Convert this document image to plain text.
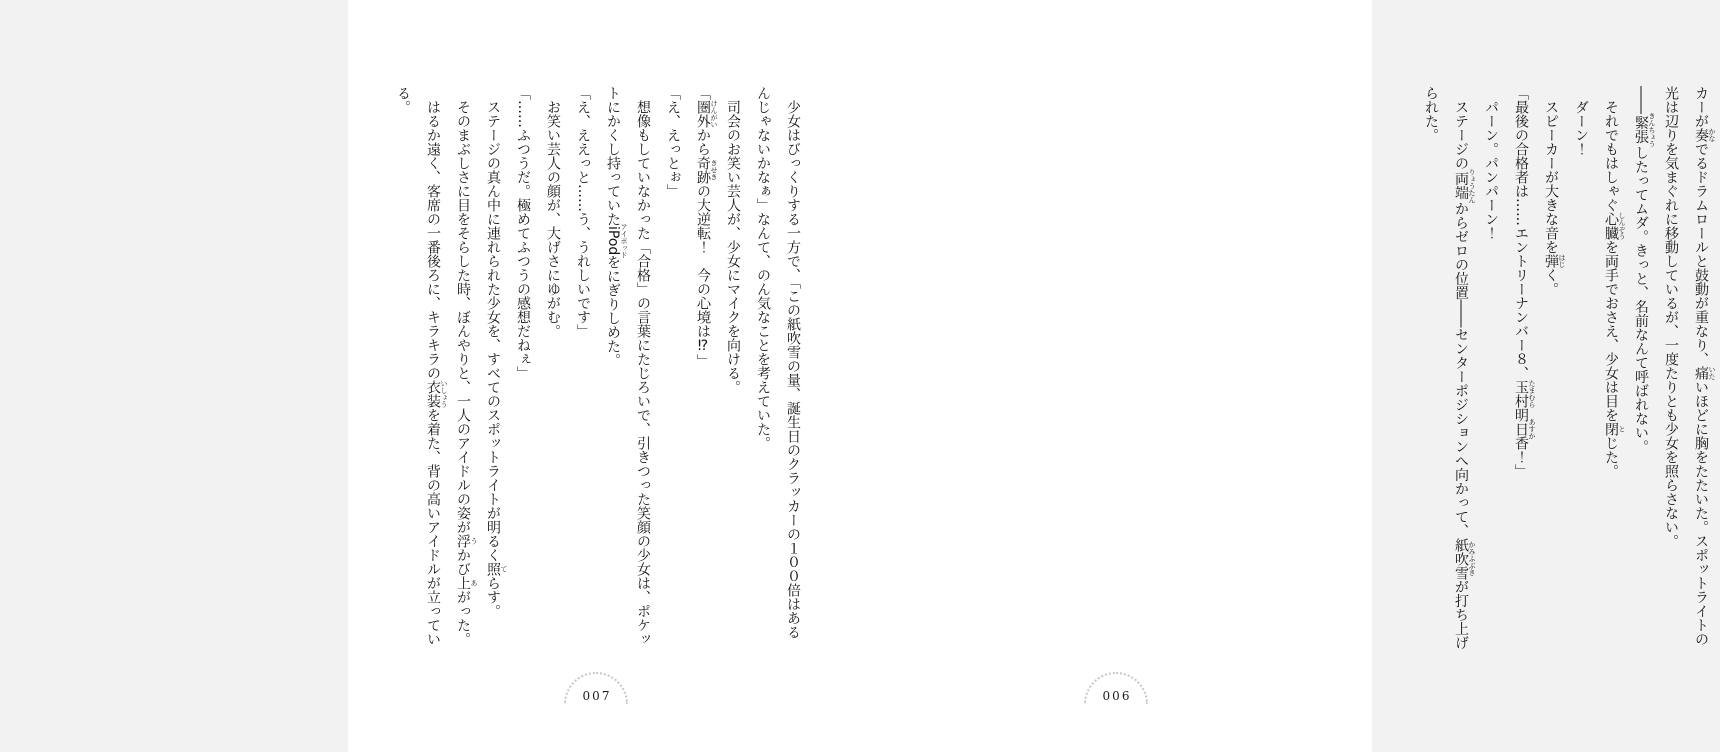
カーが奏 かなでるドラムロールと鼓動が重なり、痛 いたいほどに胸をたたいた。スポットライトの
光は辺りを気まぐれに移動しているが、一度たりとも少女を照らさない。
――緊張 きんちょうしたってムダ。きっと、名前なんて呼ばれない。
　それでもはしゃぐ心臓 しんぞうを両手でおさえ、少女は目を閉 とじた。
　ダーン！
　スピーカーが大きな音を弾 はじく。
「最後の合格者は……エントリーナンバー８、玉村 たまむら明日香 あすか！」
　パーン。パンパーン！
　ステージの両端 りょうたんからゼロの位置――センターポジションへ向かって、紙吹雪 かみふぶきが打ち上げ
られた。
　少女はびっくりする一方で、「この紙吹雪の量、誕生日のクラッカーの１００倍はある
んじゃないかなぁ」なんて、のん気なことを考えていた。
　司会のお笑い芸人が、少女にマイクを向ける。
「圏外 けんがいから奇跡 きせきの大逆転！　今の心境は⁉」
「え、えっとぉ」
　想像もしていなかった「合格」の言葉にたじろいで、引きつった笑顔の少女は、ポケッ
トにかくし持っていたiPod アイポッドをにぎりしめた。
「え、ええっと……う、うれしいです」
　お笑い芸人の顔が、大げさにゆがむ。
「……ふつうだ。極めてふつうの感想だねぇ」
　ステージの真ん中に連れられた少女を、すべてのスポットライトが明るく照 てらす。
　そのまぶしさに目をそらした時、ぼんやりと、一人のアイドルの姿が浮 うかび上 あがった。
　はるか遠く、客席の一番後ろに、キラキラの衣装 いしょうを着た、背の高いアイドルが立ってい
る。
006
007
